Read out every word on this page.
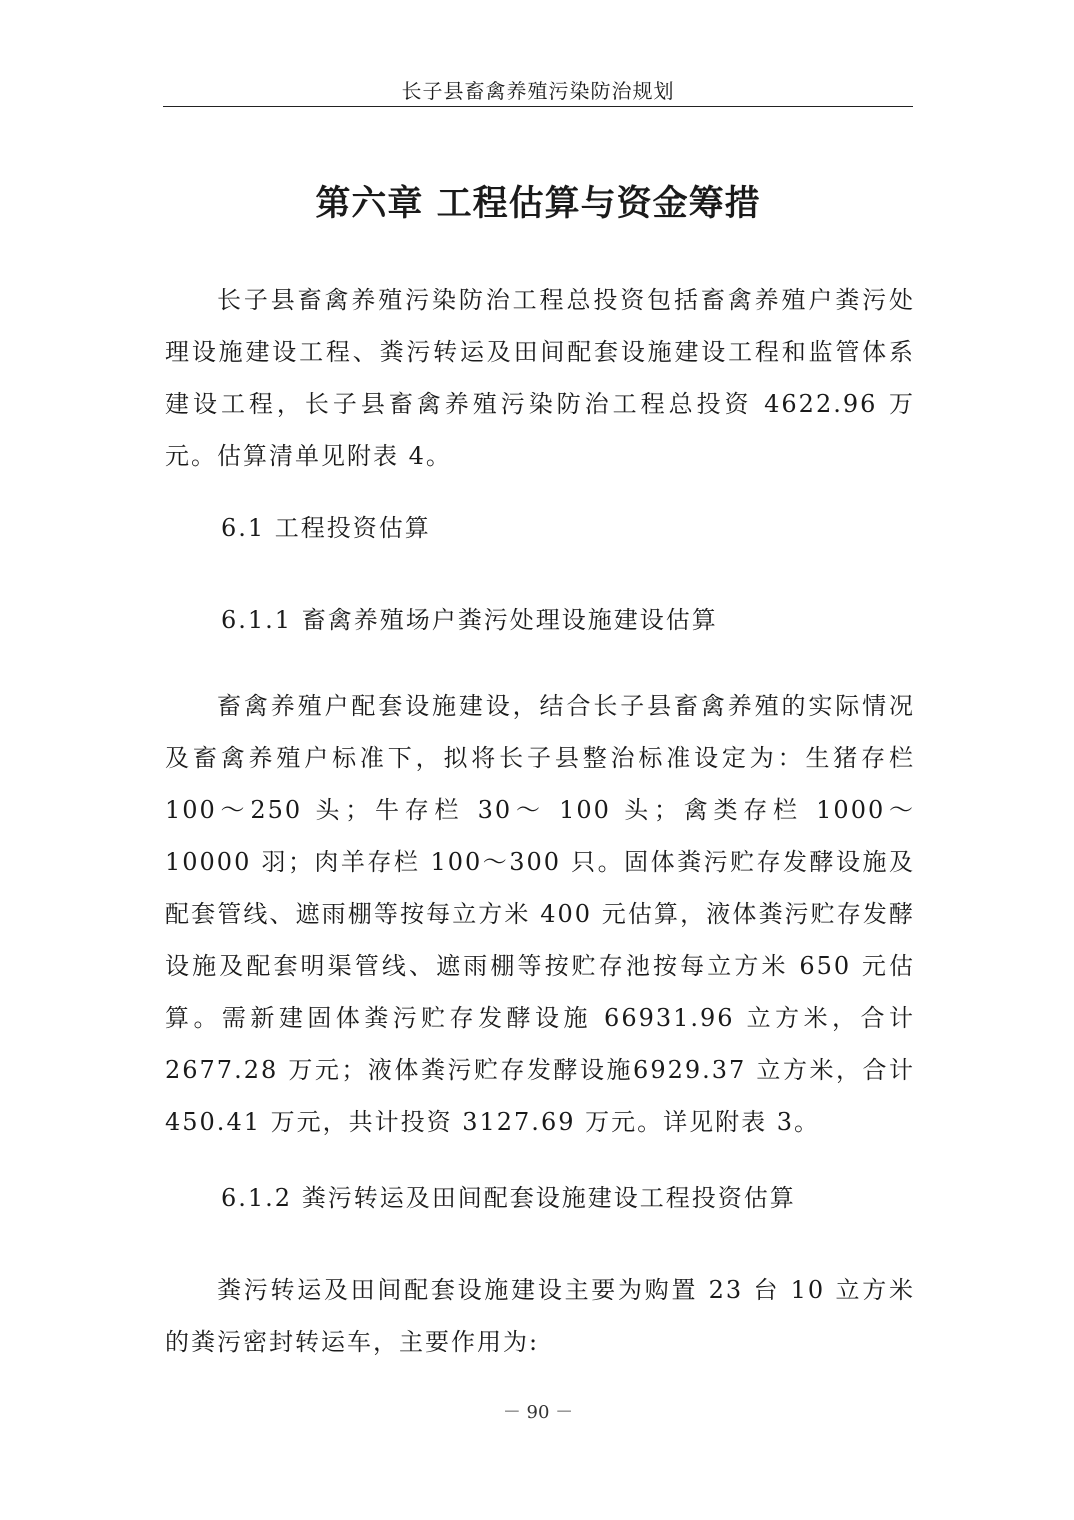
长子县畜禽养殖污染防治规划
第六章 工程估算与资金筹措

长子县畜禽养殖污染防治工程总投资包括畜禽养殖户粪污处理设施建设工程、粪污转运及田间配套设施建设工程和监管体系建设工程，长子县畜禽养殖污染防治工程总投资 4622.96 万元。估算清单见附表 4。

6.1 工程投资估算
6.1.1 畜禽养殖场户粪污处理设施建设估算

畜禽养殖户配套设施建设，结合长子县畜禽养殖的实际情况及畜禽养殖户标准下，拟将长子县整治标准设定为：生猪存栏 100～250 头；牛存栏 30～ 100 头；禽类存栏 1000～ 10000 羽；肉羊存栏 100～300 只。固体粪污贮存发酵设施及配套管线、遮雨棚等按每立方米 400 元估算，液体粪污贮存发酵设施及配套明渠管线、遮雨棚等按贮存池按每立方米 650 元估算。需新建固体粪污贮存发酵设施 66931.96 立方米，合计 2677.28 万元；液体粪污贮存发酵设施6929.37 立方米，合计 450.41 万元，共计投资 3127.69 万元。详见附表 3。

6.1.2 粪污转运及田间配套设施建设工程投资估算

粪污转运及田间配套设施建设主要为购置 23 台 10 立方米的粪污密封转运车，主要作用为:

－ 90 －
